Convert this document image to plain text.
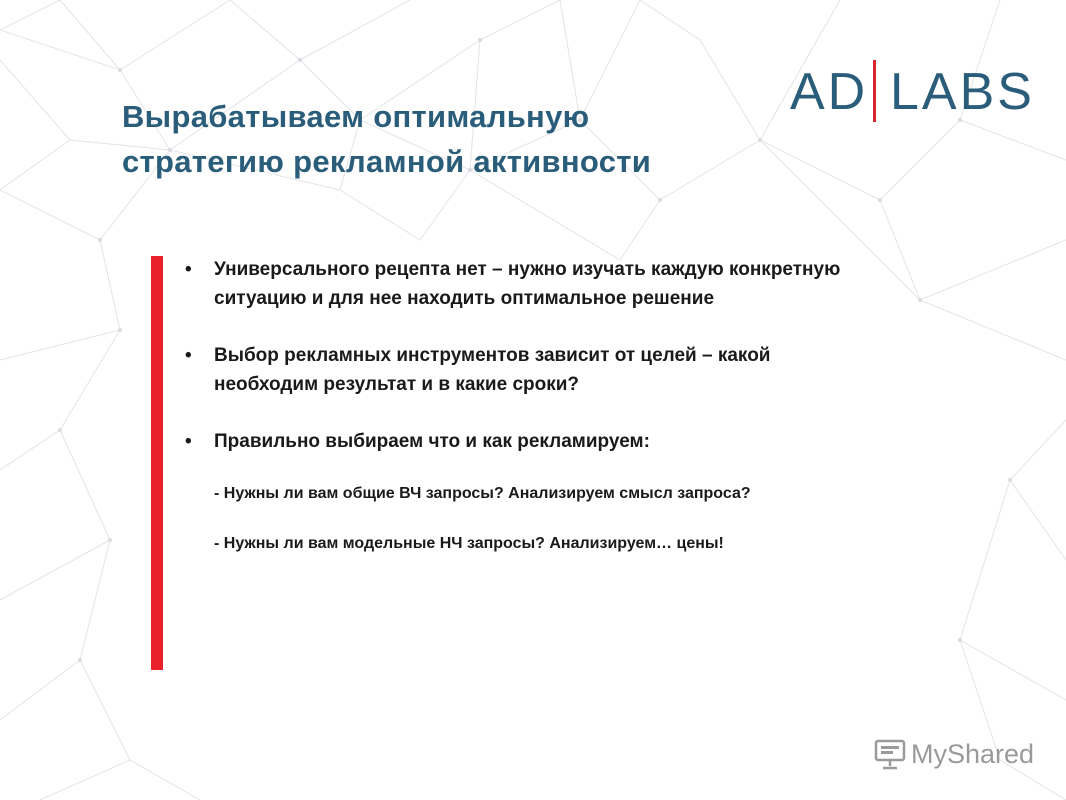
Вырабатываем оптимальную
стратегию рекламной активности
AD LABS
• Универсального рецепта нет – нужно изучать каждую конкретную
ситуацию и для нее находить оптимальное решение
• Выбор рекламных инструментов зависит от целей – какой
необходим результат и в какие сроки?
• Правильно выбираем что и как рекламируем:
- Нужны ли вам общие ВЧ запросы? Анализируем смысл запроса?
- Нужны ли вам модельные НЧ запросы? Анализируем… цены!
MyShared
